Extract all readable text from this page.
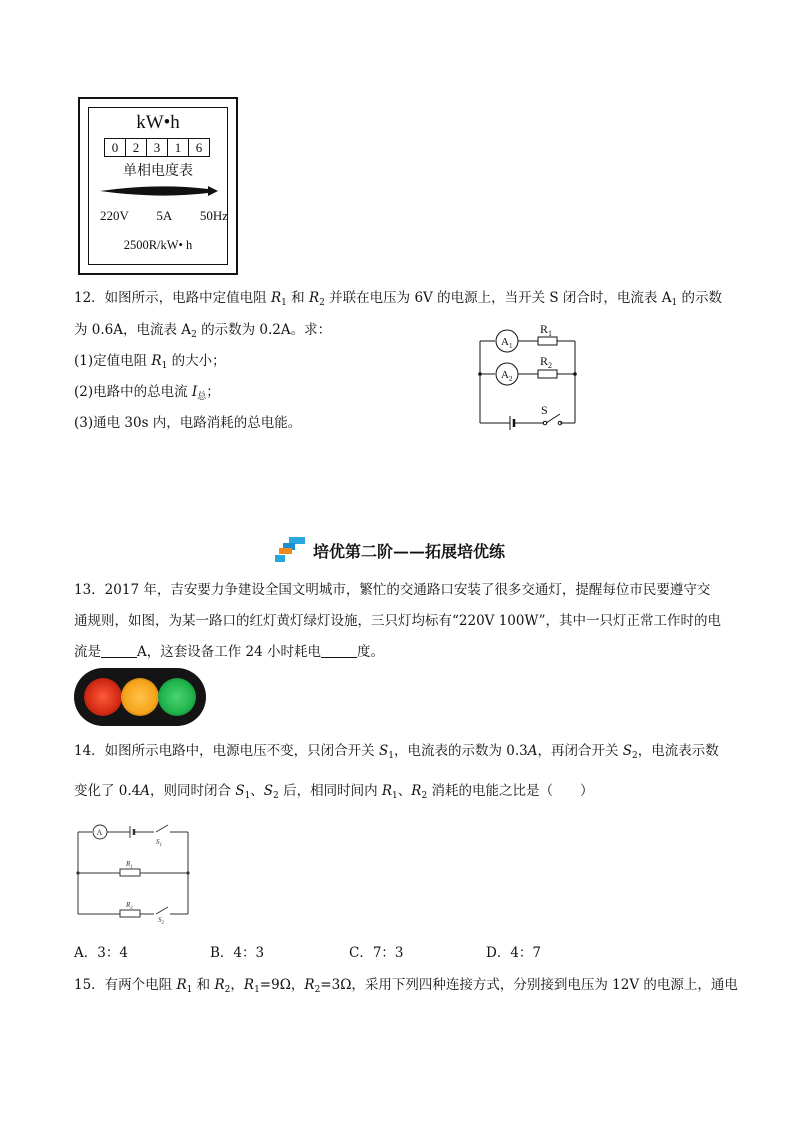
kW•h
0	2	3	1	6
单相电度表
220V 5A 50Hz
2500R/kW• h
12．如图所示，电路中定值电阻 $R_1$ 和 $R_2$ 并联在电压为 6V 的电源上，当开关 S 闭合时，电流表 $A_1$ 的示数
为 0.6A，电流表 $A_2$ 的示数为 0.2A。求：
(1)定值电阻 $R_1$ 的大小；
(2)电路中的总电流 $I_总$；
(3)通电 30s 内，电路消耗的总电能。
$A_1$
$A_2$
$R_1$
$R_2$
S
培优第二阶——拓展培优练
13．2017 年，吉安要力争建设全国文明城市，繁忙的交通路口安装了很多交通灯，提醒每位市民要遵守交
通规则，如图，为某一路口的红灯黄灯绿灯设施，三只灯均标有“220V 100W”，其中一只灯正常工作时的电
流是	A，这套设备工作 24 小时耗电	度。
14．如图所示电路中，电源电压不变，只闭合开关 $S_1$，电流表的示数为 0.3A，再闭合开关 $S_2$，电流表示数
变化了 0.4A，则同时闭合 $S_1$、$S_2$ 后，相同时间内 $R_1$、$R_2$ 消耗的电能之比是（　　）
A
$S_1$
$R_1$
$R_2$
$S_2$
A．3：4	B．4：3	C．7：3	D．4：7
15．有两个电阻 $R_1$ 和 $R_2$，$R_1=9\Omega$，$R_2=3\Omega$，采用下列四种连接方式，分别接到电压为 12V 的电源上，通电
